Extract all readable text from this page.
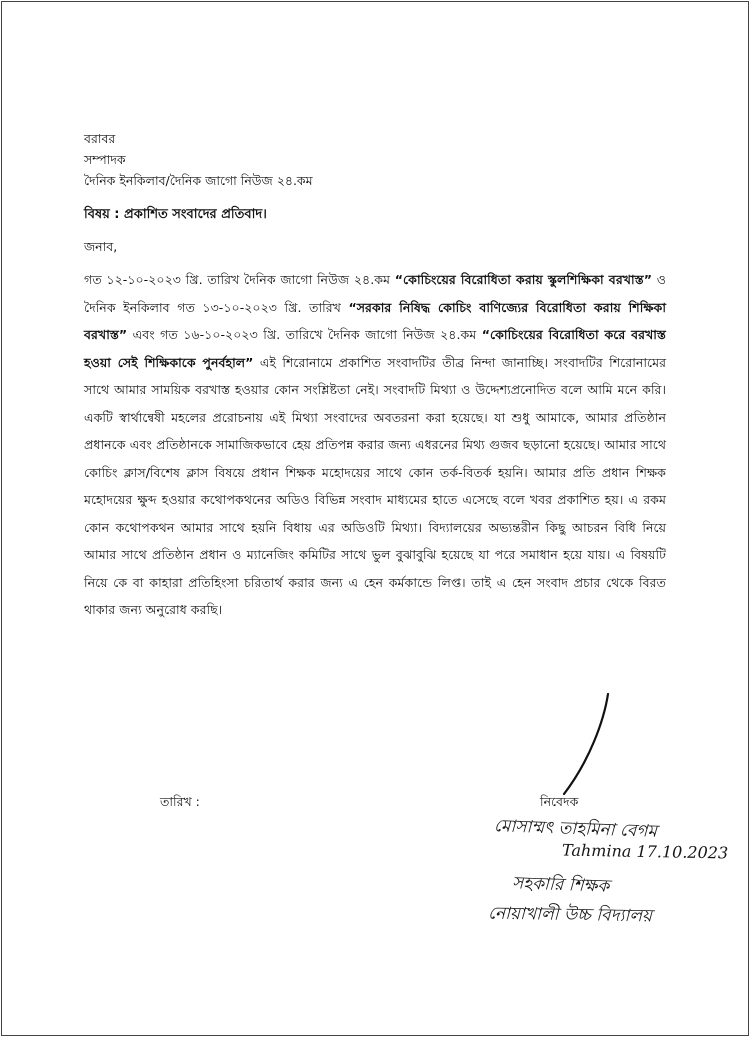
বরাবর
সম্পাদক
দৈনিক ইনকিলাব/দৈনিক জাগো নিউজ ২৪.কম
বিষয় : প্রকাশিত সংবাদের প্রতিবাদ।
জনাব,
গত ১২-১০-২০২৩ খ্রি. তারিখ দৈনিক জাগো নিউজ ২৪.কম “কোচিংয়ের বিরোধিতা করায় স্কুলশিক্ষিকা বরখাস্ত” ও দৈনিক ইনকিলাব গত ১৩-১০-২০২৩ খ্রি. তারিখ “সরকার নিষিদ্ধ কোচিং বাণিজ্যের বিরোধিতা করায় শিক্ষিকা বরখাস্ত” এবং গত ১৬-১০-২০২৩ খ্রি. তারিখে দৈনিক জাগো নিউজ ২৪.কম “কোচিংয়ের বিরোধিতা করে বরখাস্ত হওয়া সেই শিক্ষিকাকে পুনর্বহাল” এই শিরোনামে প্রকাশিত সংবাদটির তীব্র নিন্দা জানাচ্ছি। সংবাদটির শিরোনামের সাথে আমার সাময়িক বরখাস্ত হওয়ার কোন সংশ্লিষ্টতা নেই। সংবাদটি মিথ্যা ও উদ্দেশ্যপ্রনোদিত বলে আমি মনে করি। একটি স্বার্থান্বেষী মহলের প্ররোচনায় এই মিথ্যা সংবাদের অবতরনা করা হয়েছে। যা শুধু আমাকে, আমার প্রতিষ্ঠান প্রধানকে এবং প্রতিষ্ঠানকে সামাজিকভাবে হেয় প্রতিপন্ন করার জন্য এধরনের মিথ্য গুজব ছড়ানো হয়েছে। আমার সাথে কোচিং ক্লাস/বিশেষ ক্লাস বিষয়ে প্রধান শিক্ষক মহোদয়ের সাথে কোন তর্ক-বিতর্ক হয়নি। আমার প্রতি প্রধান শিক্ষক মহোদয়ের ক্ষুব্দ হওয়ার কথোপকথনের অডিও বিভিন্ন সংবাদ মাধ্যমের হাতে এসেছে বলে খবর প্রকাশিত হয়। এ রকম কোন কথোপকথন আমার সাথে হয়নি বিধায় এর অডিওটি মিথ্যা। বিদ্যালয়ের অভ্যন্তরীন কিছু আচরন বিধি নিয়ে আমার সাথে প্রতিষ্ঠান প্রধান ও ম্যানেজিং কমিটির সাথে ভুল বুঝাবুঝি হয়েছে যা পরে সমাধান হয়ে যায়। এ বিষয়টি নিয়ে কে বা কাহারা প্রতিহিংসা চরিতার্থ করার জন্য এ হেন কর্মকান্ডে লিপ্ত। তাই এ হেন সংবাদ প্রচার থেকে বিরত থাকার জন্য অনুরোধ করছি।
তারিখ :	নিবেদক
মোসাম্মৎ তাহমিনা বেগম
Tahmina 17.10.2023
সহকারি শিক্ষক
নোয়াখালী উচ্চ বিদ্যালয়
